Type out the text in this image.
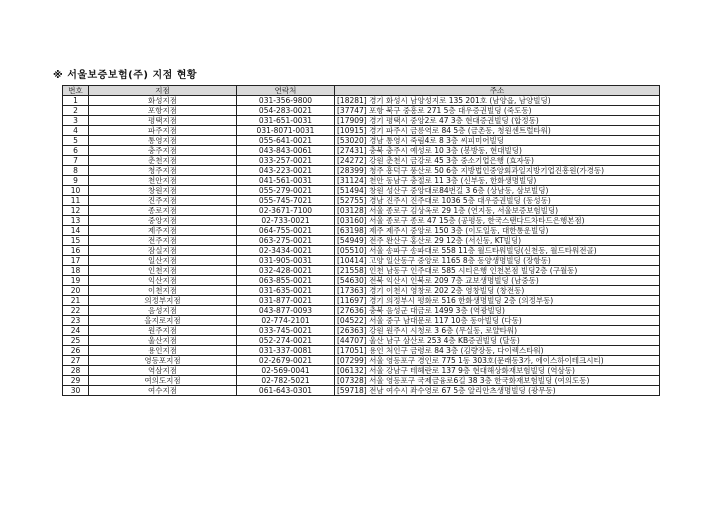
※ 서울보증보험(주) 지점 현황
번호	지점	연락처	주소
1	화성지점	031-356-9800	[18281] 경기 화성시 남양성지로 135 201호 (남양읍, 남양빌딩)
2	포항지점	054-283-0021	[37747] 포항 북구 중흥로 271 5층 대우증권빌딩 (죽도동)
3	평택지점	031-651-0031	[17909] 경기 평택시 중앙2로 47 3층 현대증권빌딩 (합정동)
4	파주지점	031-8071-0031	[10915] 경기 파주시 금릉역로 84 5층 (금촌동, 청원센트럴타워)
5	통영지점	055-641-0021	[53020] 경남 통영시 죽림4로 8 3층 씨피미어빌딩
6	충주지점	043-843-0061	[27431] 충북 충주시 예성로 10 3층 (봉방동, 현대빌딩)
7	춘천지점	033-257-0021	[24272] 강원 춘천시 금강로 45 3층 중소기업은행 (효자동)
8	청주지점	043-223-0021	[28399] 청주 흥덕구 풍산로 50 6층 지방법인중앙회과일지방기업진흥원(가경동)
9	천안지점	041-561-0031	[31124] 천안 동남구 충절로 11 3층 (신부동, 한화생명빌딩)
10	창원지점	055-279-0021	[51494] 창원 성산구 중앙대로84번길 3 6층 (상남동, 삼보빌딩)
11	진주지점	055-745-7021	[52755] 경남 진주시 진주대로 1036 5층 대우증권빌딩 (동성동)
12	종로지점	02-3671-7100	[03128] 서울 종로구 김상옥로 29 1층 (연지동, 서울보증보험빌딩)
13	중앙지점	02-733-0021	[03160] 서울 종로구 종로 47 15층 (공평동, 한국스탠다드차타드은행본점)
14	제주지점	064-755-0021	[63198] 제주 제주시 중앙로 150 3층 (이도일동, 대한통운빌딩)
15	전주지점	063-275-0021	[54949] 전주 완산구 홍산로 29 12층 (서신동, KT빌딩)
16	잠실지점	02-3434-0021	[05510] 서울 송파구 송파대로 558 11층 월드타워빌딩(신천동, 월드타워전골)
17	일산지점	031-905-0031	[10414] 고양 일산동구 중앙로 1165 8층 동양생명빌딩 (장항동)
18	인천지점	032-428-0021	[21558] 인천 남동구 인주대로 585 시티은행 인천본점 빌딩2층 (구월동)
19	익산지점	063-855-0021	[54630] 전북 익산시 인북로 209 7층 교보생명빌딩 (남중동)
20	이천지점	031-635-0021	[17363] 경기 이천시 영창로 202 2층 영창빌딩 (창전동)
21	의정부지점	031-877-0021	[11697] 경기 의정부시 평화로 516 한화생명빌딩 2층 (의정부동)
22	음성지점	043-877-0093	[27636] 충북 음성군 대금로 1499 3층 (역광빌딩)
23	을지로지점	02-774-2101	[04522] 서울 중구 남대문로 117 10층 동아빌딩 (다동)
24	원주지점	033-745-0021	[26363] 강원 원주시 시청로 3 6층 (무실동, 로얄타워)
25	울산지점	052-274-0021	[44707] 울산 남구 삼산로 253 4층 KB증권빌딩 (달동)
26	용인지점	031-337-0081	[17051] 용인 처인구 금령로 84 3층 (김량장동, 다이렉스타워)
27	영등포지점	02-2679-0021	[07299] 서울 영등포구 경인로 775 1동 303호(문래동3가, 에이스하이테크시티)
28	역삼지점	02-569-0041	[06132] 서울 강남구 테헤란로 137 9층 현대해상화재보험빌딩 (역삼동)
29	여의도지점	02-782-5021	[07328] 서울 영등포구 국제금융로6길 38 3층 한국화재보험빌딩 (여의도동)
30	여수지점	061-643-0301	[59718] 전남 여수시 좌수영로 67 5층 알리안츠생명빌딩 (광무동)
